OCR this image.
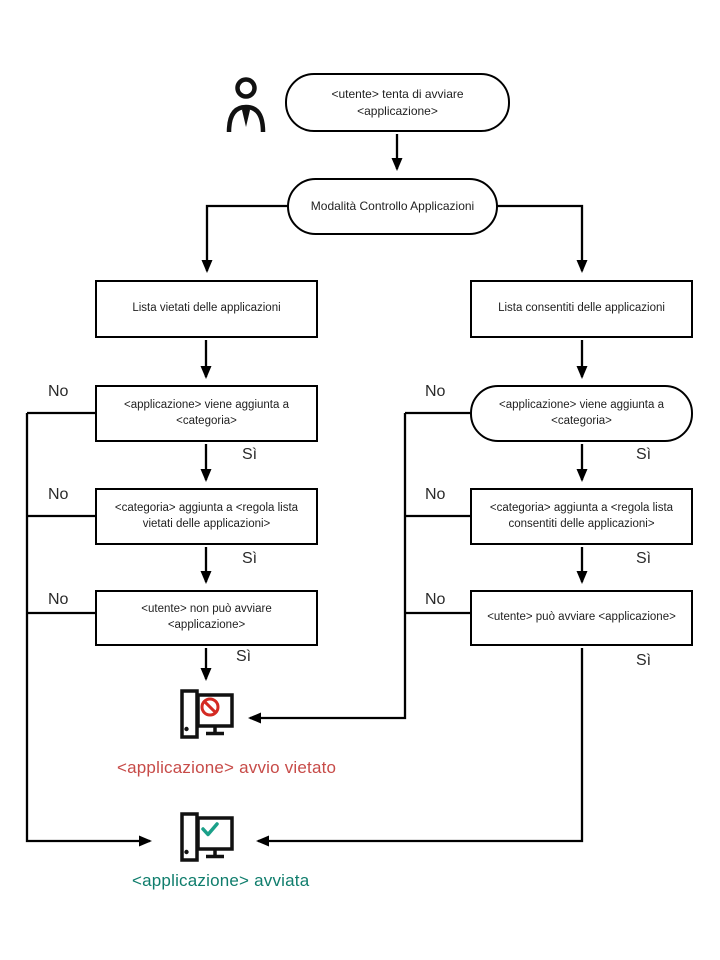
<utente> tenta di avviare <applicazione>
Modalità Controllo Applicazioni
Lista vietati delle applicazioni	Lista consentiti delle applicazioni
<applicazione> viene aggiunta a <categoria>
<applicazione> viene aggiunta a <categoria>
<categoria> aggiunta a <regola lista vietati delle applicazioni>
<categoria> aggiunta a <regola lista consentiti delle applicazioni>
<utente> non può avviare <applicazione>
<utente> può avviare <applicazione>
No
No
No
No
No
No
Sì
Sì
Sì
Sì
Sì
Sì
<applicazione> avvio vietato
<applicazione> avviata
